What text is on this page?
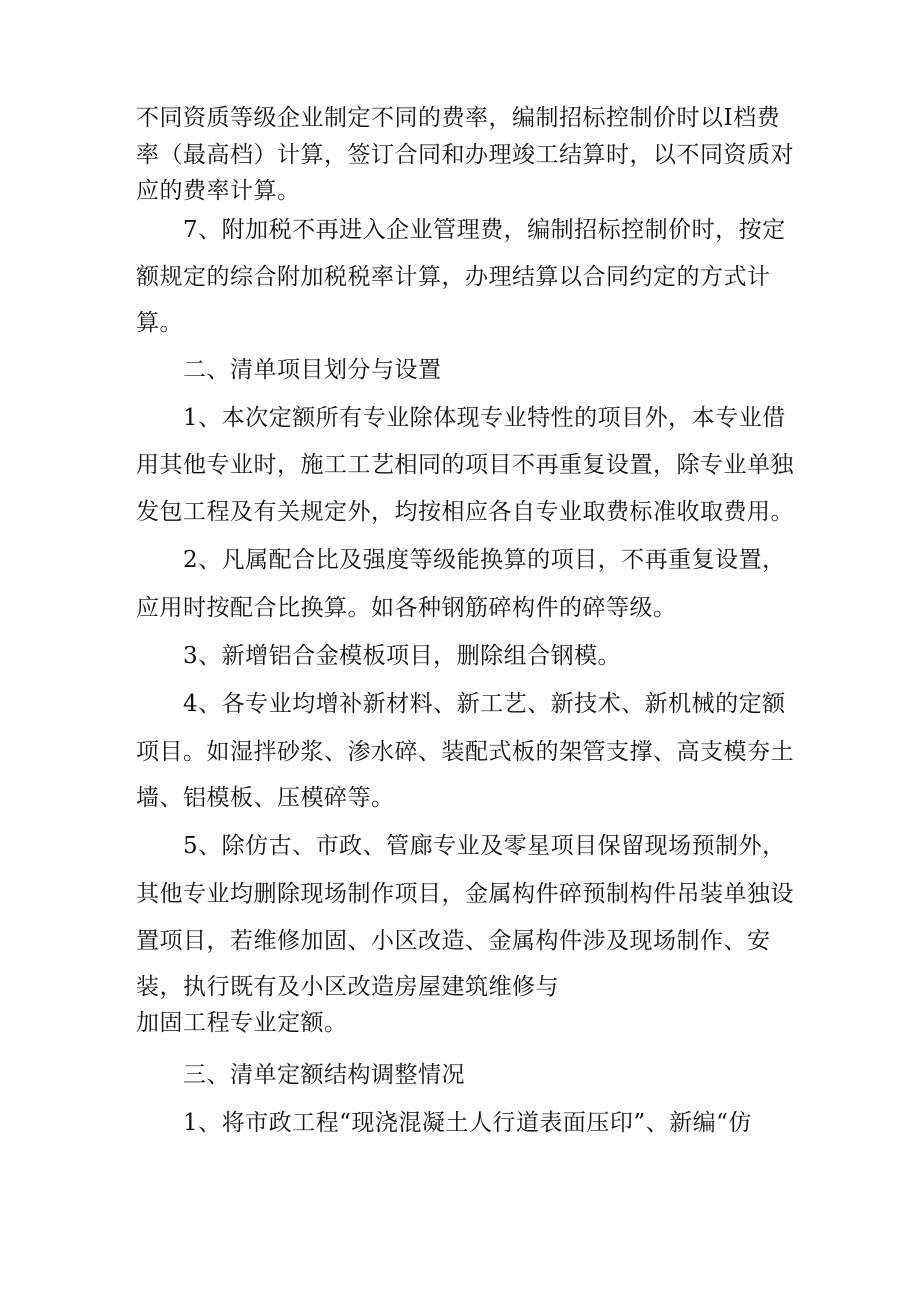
不同资质等级企业制定不同的费率，编制招标控制价时以Ⅰ档费
率（最高档）计算，签订合同和办理竣工结算时，以不同资质对
应的费率计算。
7、附加税不再进入企业管理费，编制招标控制价时，按定
额规定的综合附加税税率计算，办理结算以合同约定的方式计
算。
二、清单项目划分与设置
1、本次定额所有专业除体现专业特性的项目外，本专业借
用其他专业时，施工工艺相同的项目不再重复设置，除专业单独
发包工程及有关规定外，均按相应各自专业取费标准收取费用。
2、凡属配合比及强度等级能换算的项目，不再重复设置，
应用时按配合比换算。如各种钢筋碎构件的碎等级。
3、新增铝合金模板项目，删除组合钢模。
4、各专业均增补新材料、新工艺、新技术、新机械的定额
项目。如湿拌砂浆、渗水碎、装配式板的架管支撑、高支模夯土
墙、铝模板、压模碎等。
5、除仿古、市政、管廊专业及零星项目保留现场预制外，
其他专业均删除现场制作项目，金属构件碎预制构件吊装单独设
置项目，若维修加固、小区改造、金属构件涉及现场制作、安
装，执行既有及小区改造房屋建筑维修与
加固工程专业定额。
三、清单定额结构调整情况
1、将市政工程“现浇混凝土人行道表面压印”、新编“仿
